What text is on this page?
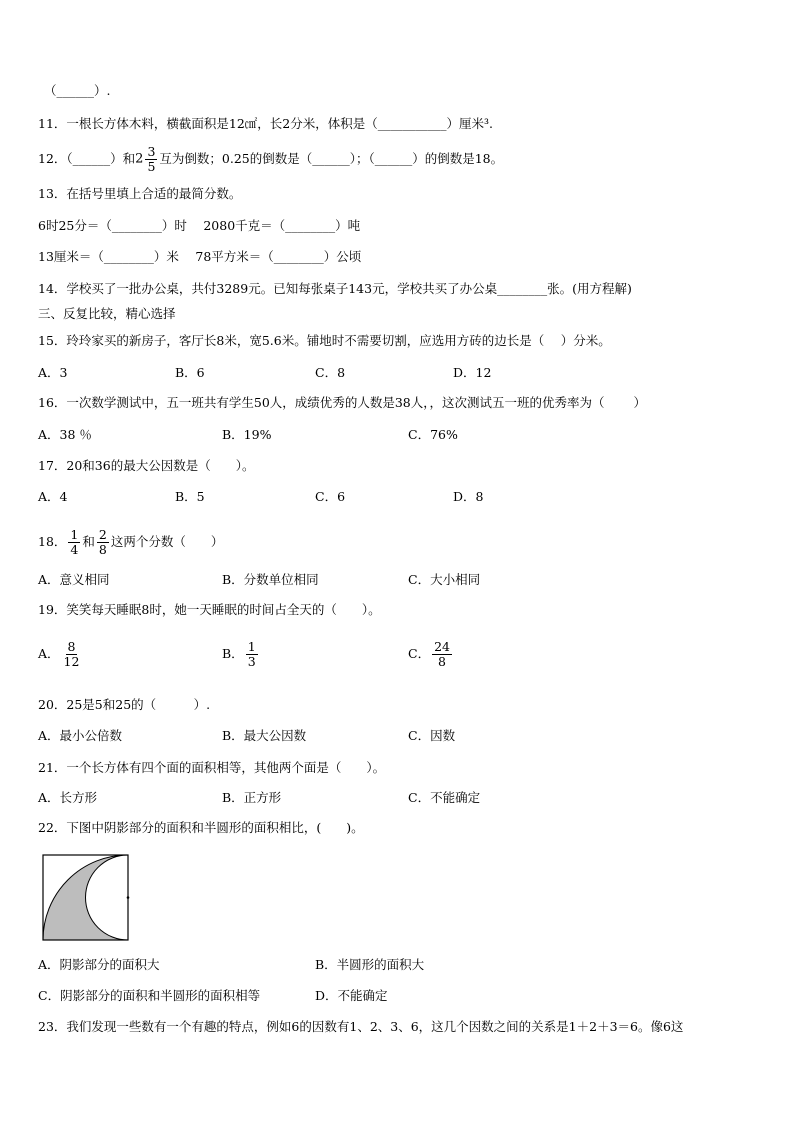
（______）.
11．一根长方体木料，横截面积是12㎠，长2分米，体积是（___________）厘米³.
12．（______）和$2 \frac{3}{5}$ 互为倒数；0.25的倒数是（______）；（______）的倒数是18。
13．在括号里填上合适的最简分数。
6时25分＝（________）时　 2080千克＝（________）吨
13厘米＝（________）米　 78平方米＝（________）公顷
14．学校买了一批办公桌，共付3289元。已知每张桌子143元，学校共买了办公桌________张。(用方程解)
三、反复比较，精心选择
15．玲玲家买的新房子，客厅长8米，宽5.6米。铺地时不需要切割，应选用方砖的边长是（　 ）分米。
A．3	B．6	C．8	D．12
16．一次数学测试中，五一班共有学生50人，成绩优秀的人数是38人，，这次测试五一班的优秀率为（　　 ）
A．38 ％	B．19%	C．76%
17．20和36的最大公因数是（　　）。
A．4	B．5	C．6	D．8
18． $\frac{1}{4}$ 和 $\frac{2}{8}$ 这两个分数（　　）
A．意义相同	B．分数单位相同	C．大小相同
19．笑笑每天睡眠8时，她一天睡眠的时间占全天的（　　）。
A． $\frac{8}{12}$	B． $\frac{1}{3}$	C． $\frac{24}{8}$
20．25是5和25的（　　　）.
A．最小公倍数	B．最大公因数	C．因数
21．一个长方体有四个面的面积相等，其他两个面是（　　）。
A．长方形	B．正方形	C．不能确定
22．下图中阴影部分的面积和半圆形的面积相比，(　　)。
A．阴影部分的面积大	B．半圆形的面积大
C．阴影部分的面积和半圆形的面积相等	D．不能确定
23．我们发现一些数有一个有趣的特点，例如6的因数有1、2、3、6，这几个因数之间的关系是1＋2＋3＝6。像6这
